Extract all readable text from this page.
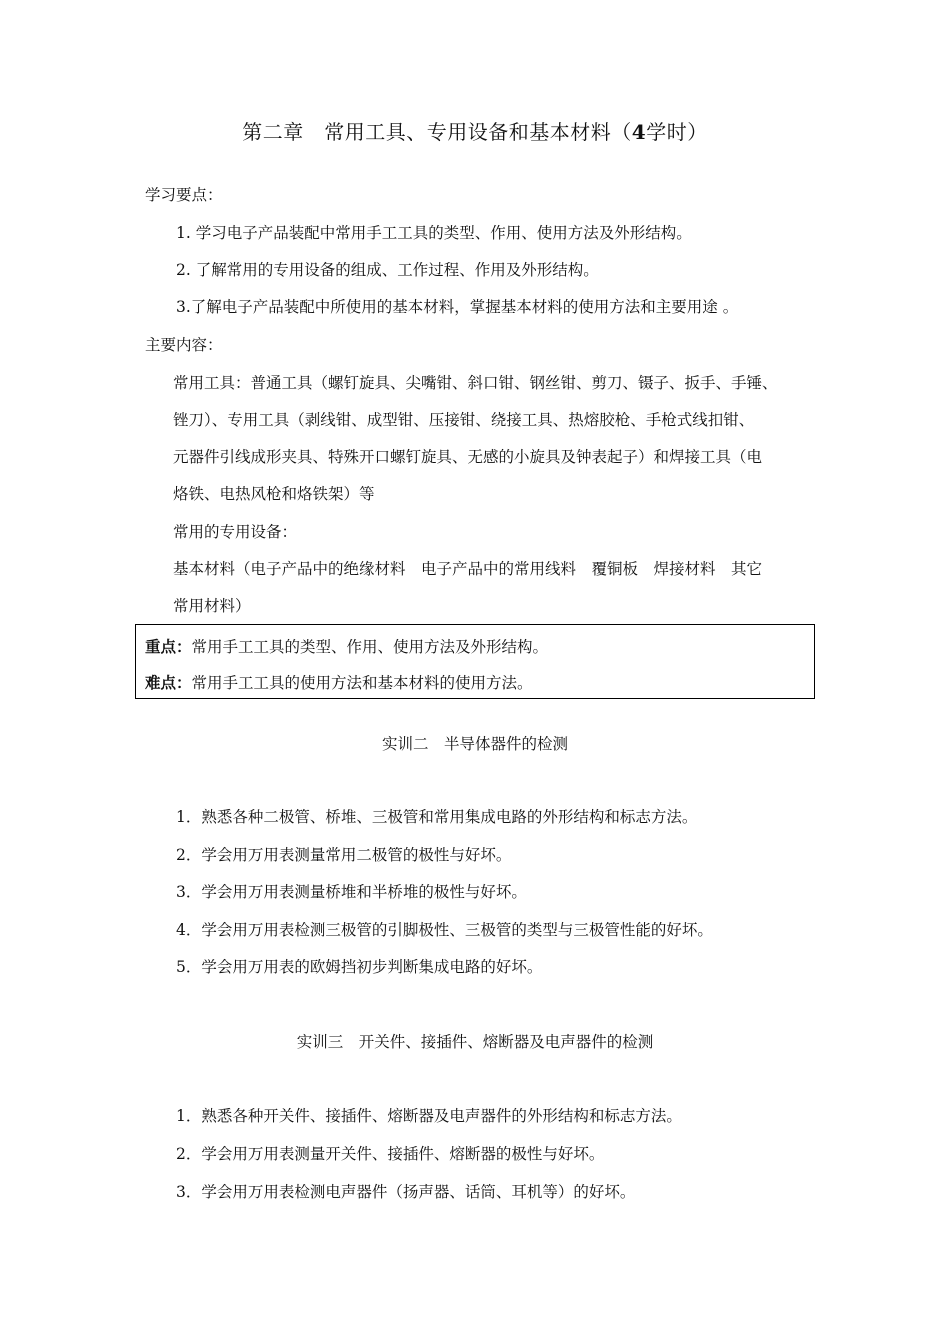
第二章　常用工具、专用设备和基本材料（4学时）
学习要点：
1. 学习电子产品装配中常用手工工具的类型、作用、使用方法及外形结构。
2. 了解常用的专用设备的组成、工作过程、作用及外形结构。
3.了解电子产品装配中所使用的基本材料，掌握基本材料的使用方法和主要用途 。
主要内容：
常用工具：普通工具（螺钉旋具、尖嘴钳、斜口钳、钢丝钳、剪刀、镊子、扳手、手锤、
锉刀）、专用工具（剥线钳、成型钳、压接钳、绕接工具、热熔胶枪、手枪式线扣钳、
元器件引线成形夹具、特殊开口螺钉旋具、无感的小旋具及钟表起子）和焊接工具（电
烙铁、电热风枪和烙铁架）等
常用的专用设备：
基本材料（电子产品中的绝缘材料　电子产品中的常用线料　覆铜板　焊接材料　其它
常用材料）
重点：常用手工工具的类型、作用、使用方法及外形结构。
难点：常用手工工具的使用方法和基本材料的使用方法。
实训二　半导体器件的检测
1．熟悉各种二极管、桥堆、三极管和常用集成电路的外形结构和标志方法。
2．学会用万用表测量常用二极管的极性与好坏。
3．学会用万用表测量桥堆和半桥堆的极性与好坏。
4．学会用万用表检测三极管的引脚极性、三极管的类型与三极管性能的好坏。
5．学会用万用表的欧姆挡初步判断集成电路的好坏。
实训三　开关件、接插件、熔断器及电声器件的检测
1．熟悉各种开关件、接插件、熔断器及电声器件的外形结构和标志方法。
2．学会用万用表测量开关件、接插件、熔断器的极性与好坏。
3．学会用万用表检测电声器件（扬声器、话筒、耳机等）的好坏。
